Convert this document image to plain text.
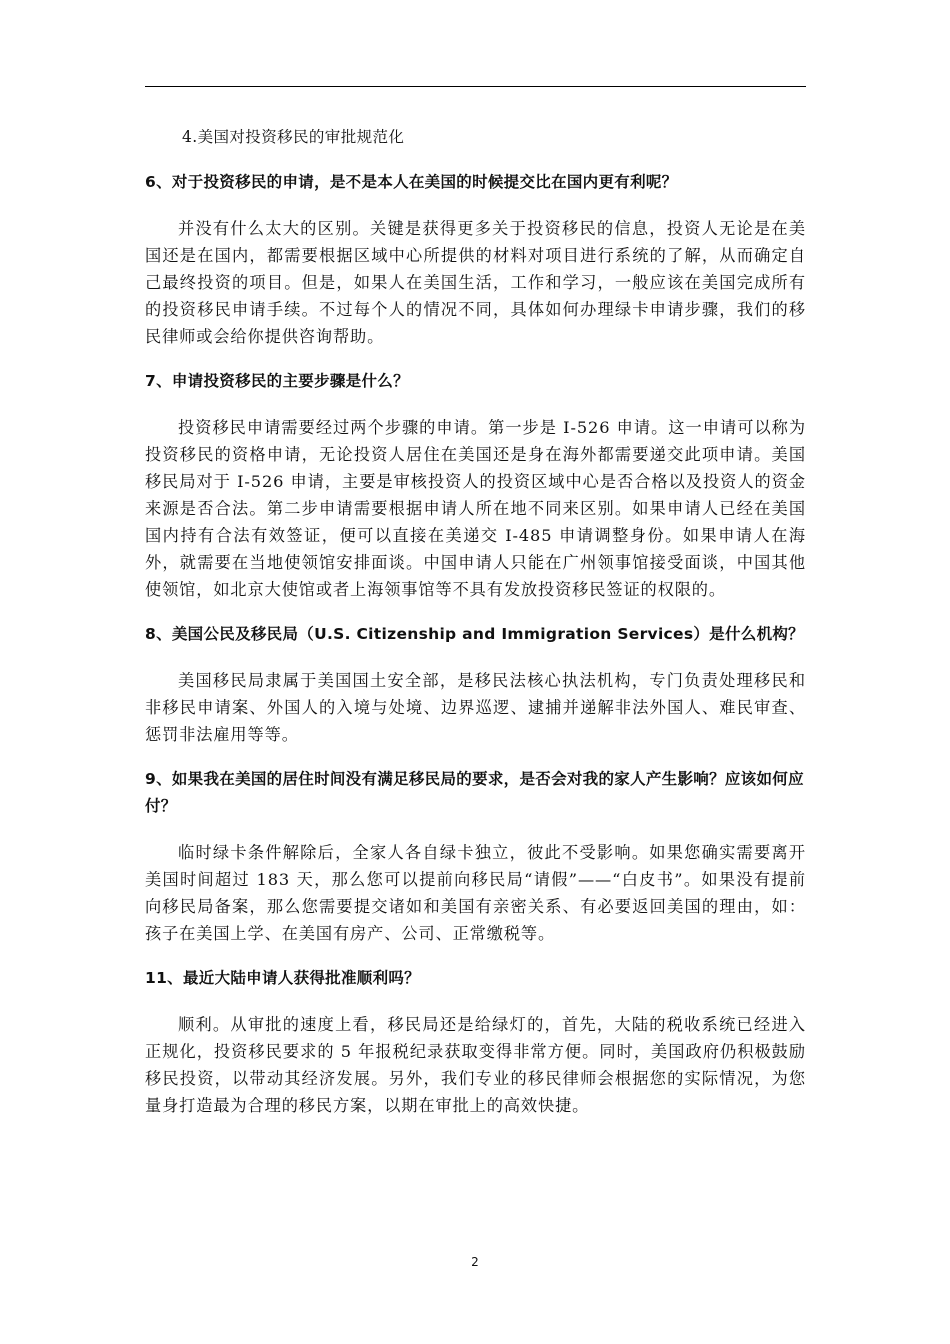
4.美国对投资移民的审批规范化

6、对于投资移民的申请，是不是本人在美国的时候提交比在国内更有利呢？

并没有什么太大的区别。关键是获得更多关于投资移民的信息，投资人无论是在美国还是在国内，都需要根据区域中心所提供的材料对项目进行系统的了解，从而确定自己最终投资的项目。但是，如果人在美国生活，工作和学习，一般应该在美国完成所有的投资移民申请手续。不过每个人的情况不同，具体如何办理绿卡申请步骤，我们的移民律师或会给你提供咨询帮助。

7、申请投资移民的主要步骤是什么？

投资移民申请需要经过两个步骤的申请。第一步是 I-526 申请。这一申请可以称为投资移民的资格申请，无论投资人居住在美国还是身在海外都需要递交此项申请。美国移民局对于 I-526 申请，主要是审核投资人的投资区域中心是否合格以及投资人的资金来源是否合法。第二步申请需要根据申请人所在地不同来区别。如果申请人已经在美国国内持有合法有效签证，便可以直接在美递交 I-485 申请调整身份。如果申请人在海外，就需要在当地使领馆安排面谈。中国申请人只能在广州领事馆接受面谈，中国其他使领馆，如北京大使馆或者上海领事馆等不具有发放投资移民签证的权限的。

8、美国公民及移民局（U.S. Citizenship and Immigration Services）是什么机构？

美国移民局隶属于美国国土安全部，是移民法核心执法机构，专门负责处理移民和非移民申请案、外国人的入境与处境、边界巡逻、逮捕并递解非法外国人、难民审查、惩罚非法雇用等等。

9、如果我在美国的居住时间没有满足移民局的要求，是否会对我的家人产生影响？应该如何应付？

临时绿卡条件解除后，全家人各自绿卡独立，彼此不受影响。如果您确实需要离开美国时间超过 183 天，那么您可以提前向移民局“请假”——“白皮书”。如果没有提前向移民局备案，那么您需要提交诸如和美国有亲密关系、有必要返回美国的理由，如：孩子在美国上学、在美国有房产、公司、正常缴税等。

11、最近大陆申请人获得批准顺利吗？

顺利。从审批的速度上看，移民局还是给绿灯的，首先，大陆的税收系统已经进入正规化，投资移民要求的 5 年报税纪录获取变得非常方便。同时，美国政府仍积极鼓励移民投资，以带动其经济发展。另外，我们专业的移民律师会根据您的实际情况，为您量身打造最为合理的移民方案，以期在审批上的高效快捷。

2
